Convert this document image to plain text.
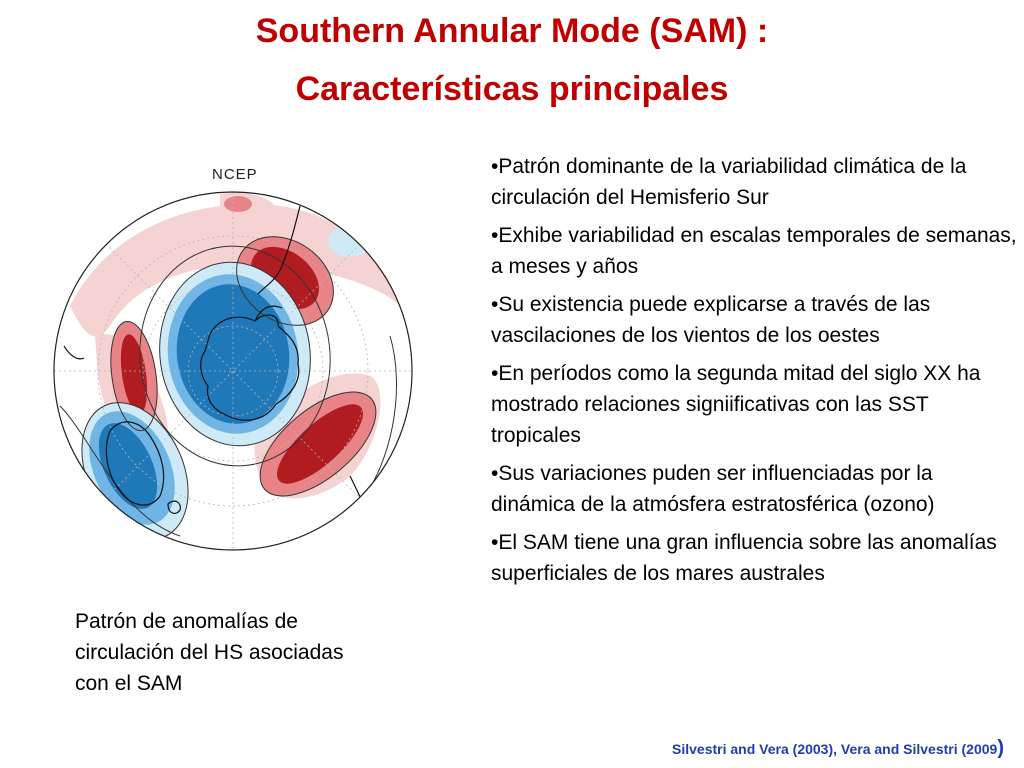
Southern Annular Mode (SAM) :
Características principales
NCEP	•Patrón dominante de la variabilidad climática de la circulación del Hemisferio Sur
•Exhibe variabilidad en escalas temporales de semanas, a meses y años
•Su existencia puede explicarse a través de las vascilaciones de los vientos de los oestes
•En períodos como la segunda mitad del siglo XX ha mostrado relaciones signiificativas con las SST tropicales
•Sus variaciones puden ser influenciadas por la dinámica de la atmósfera estratosférica (ozono)
•El SAM tiene una gran influencia sobre las anomalías superficiales de los mares australes

Patrón de anomalías de circulación del HS asociadas con el SAM

Silvestri and Vera (2003), Vera and Silvestri (2009)
